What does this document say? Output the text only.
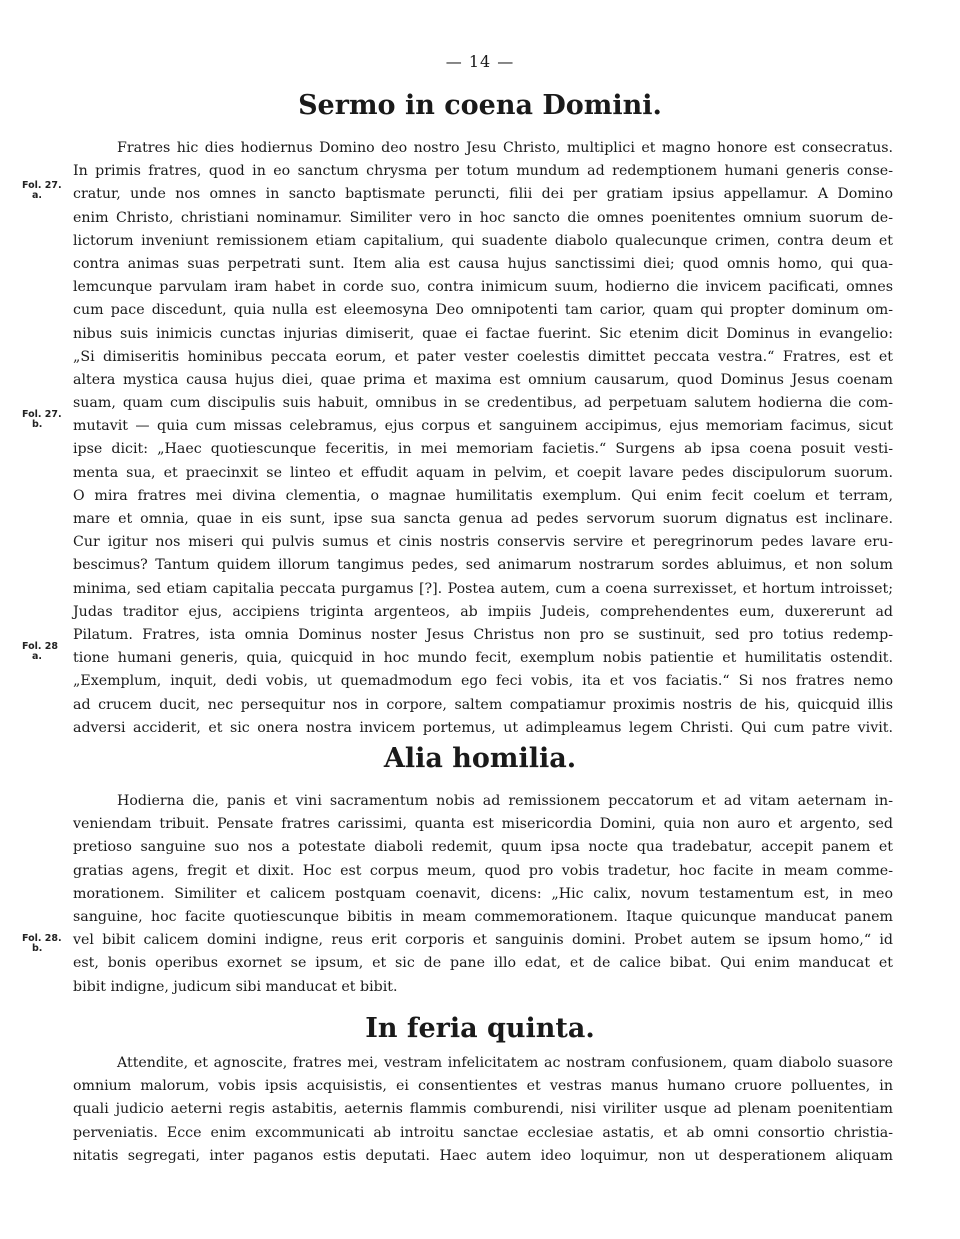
— 14 —
Sermo in coena Domini.
Fratres hic dies hodiernus Domino deo nostro Jesu Christo, multiplici et magno honore est consecratus.
In primis fratres, quod in eo sanctum chrysma per totum mundum ad redemptionem humani generis conse-
cratur, unde nos omnes in sancto baptismate peruncti, filii dei per gratiam ipsius appellamur. A Domino
enim Christo, christiani nominamur. Similiter vero in hoc sancto die omnes poenitentes omnium suorum de-
lictorum inveniunt remissionem etiam capitalium, qui suadente diabolo qualecunque crimen, contra deum et
contra animas suas perpetrati sunt. Item alia est causa hujus sanctissimi diei; quod omnis homo, qui qua-
lemcunque parvulam iram habet in corde suo, contra inimicum suum, hodierno die invicem pacificati, omnes
cum pace discedunt, quia nulla est eleemosyna Deo omnipotenti tam carior, quam qui propter dominum om-
nibus suis inimicis cunctas injurias dimiserit, quae ei factae fuerint. Sic etenim dicit Dominus in evangelio:
„Si dimiseritis hominibus peccata eorum, et pater vester coelestis dimittet peccata vestra.“ Fratres, est et
altera mystica causa hujus diei, quae prima et maxima est omnium causarum, quod Dominus Jesus coenam
suam, quam cum discipulis suis habuit, omnibus in se credentibus, ad perpetuam salutem hodierna die com-
mutavit — quia cum missas celebramus, ejus corpus et sanguinem accipimus, ejus memoriam facimus, sicut
ipse dicit: „Haec quotiescunque feceritis, in mei memoriam facietis.“ Surgens ab ipsa coena posuit vesti-
menta sua, et praecinxit se linteo et effudit aquam in pelvim, et coepit lavare pedes discipulorum suorum.
O mira fratres mei divina clementia, o magnae humilitatis exemplum. Qui enim fecit coelum et terram,
mare et omnia, quae in eis sunt, ipse sua sancta genua ad pedes servorum suorum dignatus est inclinare.
Cur igitur nos miseri qui pulvis sumus et cinis nostris conservis servire et peregrinorum pedes lavare eru-
bescimus? Tantum quidem illorum tangimus pedes, sed animarum nostrarum sordes abluimus, et non solum
minima, sed etiam capitalia peccata purgamus [?]. Postea autem, cum a coena surrexisset, et hortum introisset;
Judas traditor ejus, accipiens triginta argenteos, ab impiis Judeis, comprehendentes eum, duxererunt ad
Pilatum. Fratres, ista omnia Dominus noster Jesus Christus non pro se sustinuit, sed pro totius redemp-
tione humani generis, quia, quicquid in hoc mundo fecit, exemplum nobis patientie et humilitatis ostendit.
„Exemplum, inquit, dedi vobis, ut quemadmodum ego feci vobis, ita et vos faciatis.“ Si nos fratres nemo
ad crucem ducit, nec persequitur nos in corpore, saltem compatiamur proximis nostris de his, quicquid illis
adversi acciderit, et sic onera nostra invicem portemus, ut adimpleamus legem Christi. Qui cum patre vivit.
Alia homilia.
Hodierna die, panis et vini sacramentum nobis ad remissionem peccatorum et ad vitam aeternam in-
veniendam tribuit. Pensate fratres carissimi, quanta est misericordia Domini, quia non auro et argento, sed
pretioso sanguine suo nos a potestate diaboli redemit, quum ipsa nocte qua tradebatur, accepit panem et
gratias agens, fregit et dixit. Hoc est corpus meum, quod pro vobis tradetur, hoc facite in meam comme-
morationem. Similiter et calicem postquam coenavit, dicens: „Hic calix, novum testamentum est, in meo
sanguine, hoc facite quotiescunque bibitis in meam commemorationem. Itaque quicunque manducat panem
vel bibit calicem domini indigne, reus erit corporis et sanguinis domini. Probet autem se ipsum homo,“ id
est, bonis operibus exornet se ipsum, et sic de pane illo edat, et de calice bibat. Qui enim manducat et
bibit indigne, judicum sibi manducat et bibit.
In feria quinta.
Attendite, et agnoscite, fratres mei, vestram infelicitatem ac nostram confusionem, quam diabolo suasore
omnium malorum, vobis ipsis acquisistis, ei consentientes et vestras manus humano cruore polluentes, in
quali judicio aeterni regis astabitis, aeternis flammis comburendi, nisi viriliter usque ad plenam poenitentiam
perveniatis. Ecce enim excommunicati ab introitu sanctae ecclesiae astatis, et ab omni consortio christia-
nitatis segregati, inter paganos estis deputati. Haec autem ideo loquimur, non ut desperationem aliquam
Fol. 27.
a.
Fol. 27.
b.
Fol. 28
a.
Fol. 28.
b.
